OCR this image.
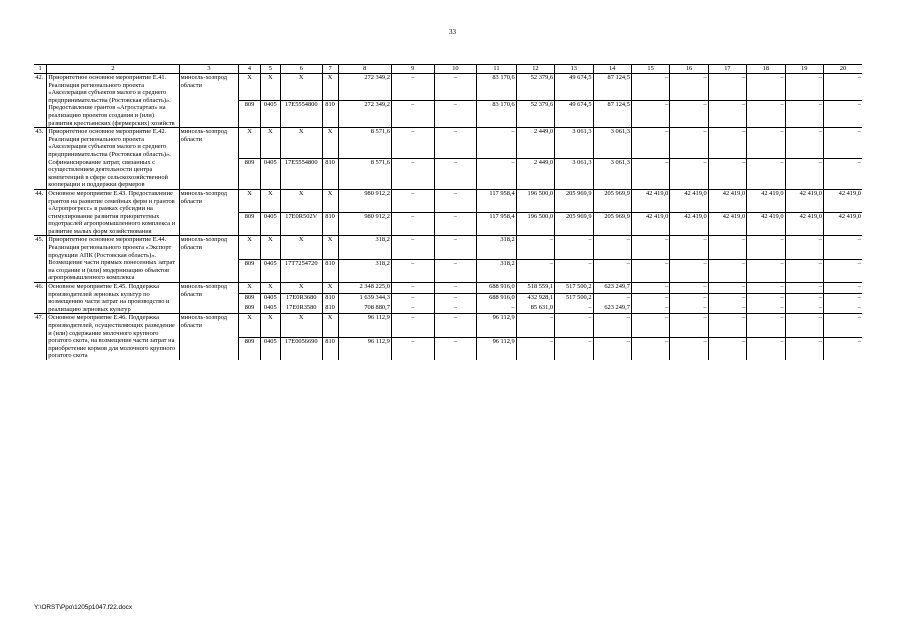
33
1	2	3	4	5	6	7	8	9	10	11	12	13	14	15	16	17	18	19	20
42.	Приоритетное основное мероприятие Е.41. Реализация регионального проекта «Акселерация субъектов малого и среднего предпринимательства (Ростовская область)». Предоставление грантов «Агростартап» на реализацию проектов создания и (или) развития крестьянских (фермерских) хозяйств	минсель-хозпрод области	Х	Х	Х	Х	272 349,2	–	–	83 170,6	52 379,6	49 674,5	87 124,5	–	–	–	–	–	–
			809	0405	17Е5554800	810	272 349,2	–	–	83 170,6	52 379,6	49 674,5	87 124,5	–	–	–	–	–	–
43.	Приоритетное основное мероприятие Е.42. Реализация регионального проекта «Акселерация субъектов малого и среднего предпринимательства (Ростовская область)». Софинансирование затрат, связанных с осуществлением деятельности центра компетенций в сфере сельскохозяйственной кооперации и поддержки фермеров	минсель-хозпрод области	Х	Х	Х	Х	8 571,6	–	–	–	2 449,0	3 061,3	3 061,3	–	–	–	–	–	–
			809	0405	17Е5554800	810	8 571,6	–	–	–	2 449,0	3 061,3	3 061,3	–	–	–	–	–	–
44.	Основное мероприятие Е.43. Предоставление грантов на развитие семейных ферм и грантов «Агропрогресс» в рамках субсидии на стимулирование развития приоритетных подотраслей агропромышленного комплекса и развитие малых форм хозяйствования	минсель-хозпрод области	Х	Х	Х	Х	980 912,2	–	–	117 958,4	196 500,0	205 969,9	205 969,9	42 419,0	42 419,0	42 419,0	42 419,0	42 419,0	42 419,0
			809	0405	17Е0R502V	810	980 912,2	–	–	117 958,4	196 500,0	205 969,9	205 969,9	42 419,0	42 419,0	42 419,0	42 419,0	42 419,0	42 419,0
45.	Приоритетное основное мероприятие Е.44. Реализация регионального проекта «Экспорт продукции АПК (Ростовская область)». Возмещение части прямых понесенных затрат на создание и (или) модернизацию объектов агропромышленного комплекса	минсель-хозпрод области	Х	Х	Х	Х	318,2	–	–	318,2	–	–	–	–	–	–	–	–	–
			809	0405	17Т7254720	810	318,2	–	–	318,2	–	–	–	–	–	–	–	–	–
46.	Основное мероприятие Е.45. Поддержка производителей зерновых культур по возмещению части затрат на производство и реализацию зерновых культур	минсель-хозпрод области	Х	Х	Х	Х	2 348 225,0	–	–	688 916,0	518 559,1	517 500,2	623 249,7	–	–	–	–	–	–
			809	0405	17Е0R3680	810	1 639 344,3	–	–	688 916,0	432 928,1	517 500,2	–	–	–	–	–	–	–
			809	0405	17Е0R3580	810	708 880,7	–	–	–	85 631,0	–	623 249,7	–	–	–	–	–	–
47.	Основное мероприятие Е.46. Поддержка производителей, осуществляющих разведение и (или) содержание молочного крупного рогатого скота, на возмещение части затрат на приобретение кормов для молочного крупного рогатого скота	минсель-хозпрод области	Х	Х	Х	Х	96 112,9	–	–	96 112,9	–	–	–	–	–	–	–	–	–
			809	0405	17Е0056690	810	96 112,9	–	–	96 112,9	–	–	–	–	–	–	–	–	–
Y:\ORST\Ppo\1205p1047.f22.docx
